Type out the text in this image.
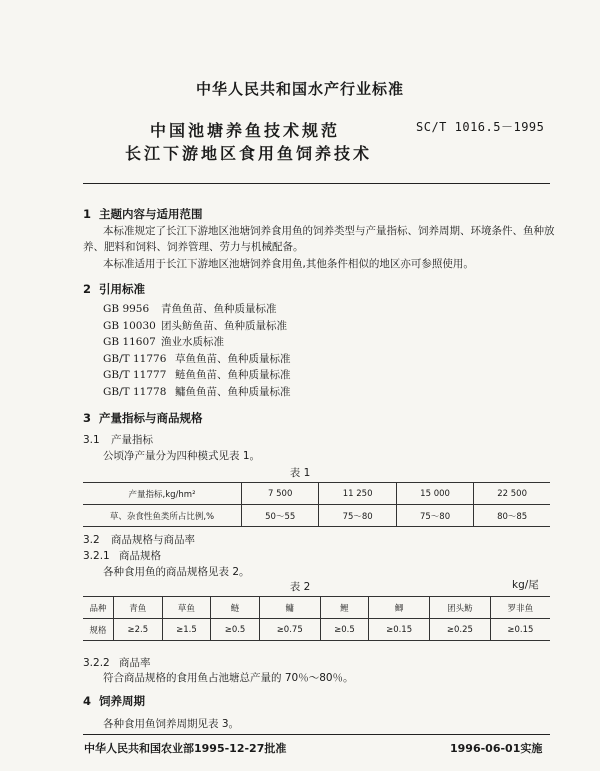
中华人民共和国水产行业标准
中国池塘养鱼技术规范
长江下游地区食用鱼饲养技术
SC/T 1016.5－1995
1 主题内容与适用范围
本标准规定了长江下游地区池塘饲养食用鱼的饲养类型与产量指标、饲养周期、环境条件、鱼种放
养、肥料和饲料、饲养管理、劳力与机械配备。
本标准适用于长江下游地区池塘饲养食用鱼,其他条件相似的地区亦可参照使用。
2 引用标准
GB 9956 青鱼鱼苗、鱼种质量标准
GB 10030 团头鲂鱼苗、鱼种质量标准
GB 11607 渔业水质标准
GB/T 11776 草鱼鱼苗、鱼种质量标准
GB/T 11777 鲢鱼鱼苗、鱼种质量标准
GB/T 11778 鳙鱼鱼苗、鱼种质量标准
3 产量指标与商品规格
3.1 产量指标
公顷净产量分为四种模式见表 1。
表 1
产量指标,kg/hm²	7 500	11 250	15 000	22 500
草、杂食性鱼类所占比例,%	50～55	75～80	75～80	80～85
3.2 商品规格与商品率
3.2.1 商品规格
各种食用鱼的商品规格见表 2。
表 2	kg/尾
品种	青鱼	草鱼	鲢	鳙	鲤	鲫	团头鲂	罗非鱼
规格	≥2.5	≥1.5	≥0.5	≥0.75	≥0.5	≥0.15	≥0.25	≥0.15
3.2.2 商品率
符合商品规格的食用鱼占池塘总产量的 70％～80％。
4 饲养周期
各种食用鱼饲养周期见表 3。
中华人民共和国农业部1995-12-27批准	1996-06-01实施
